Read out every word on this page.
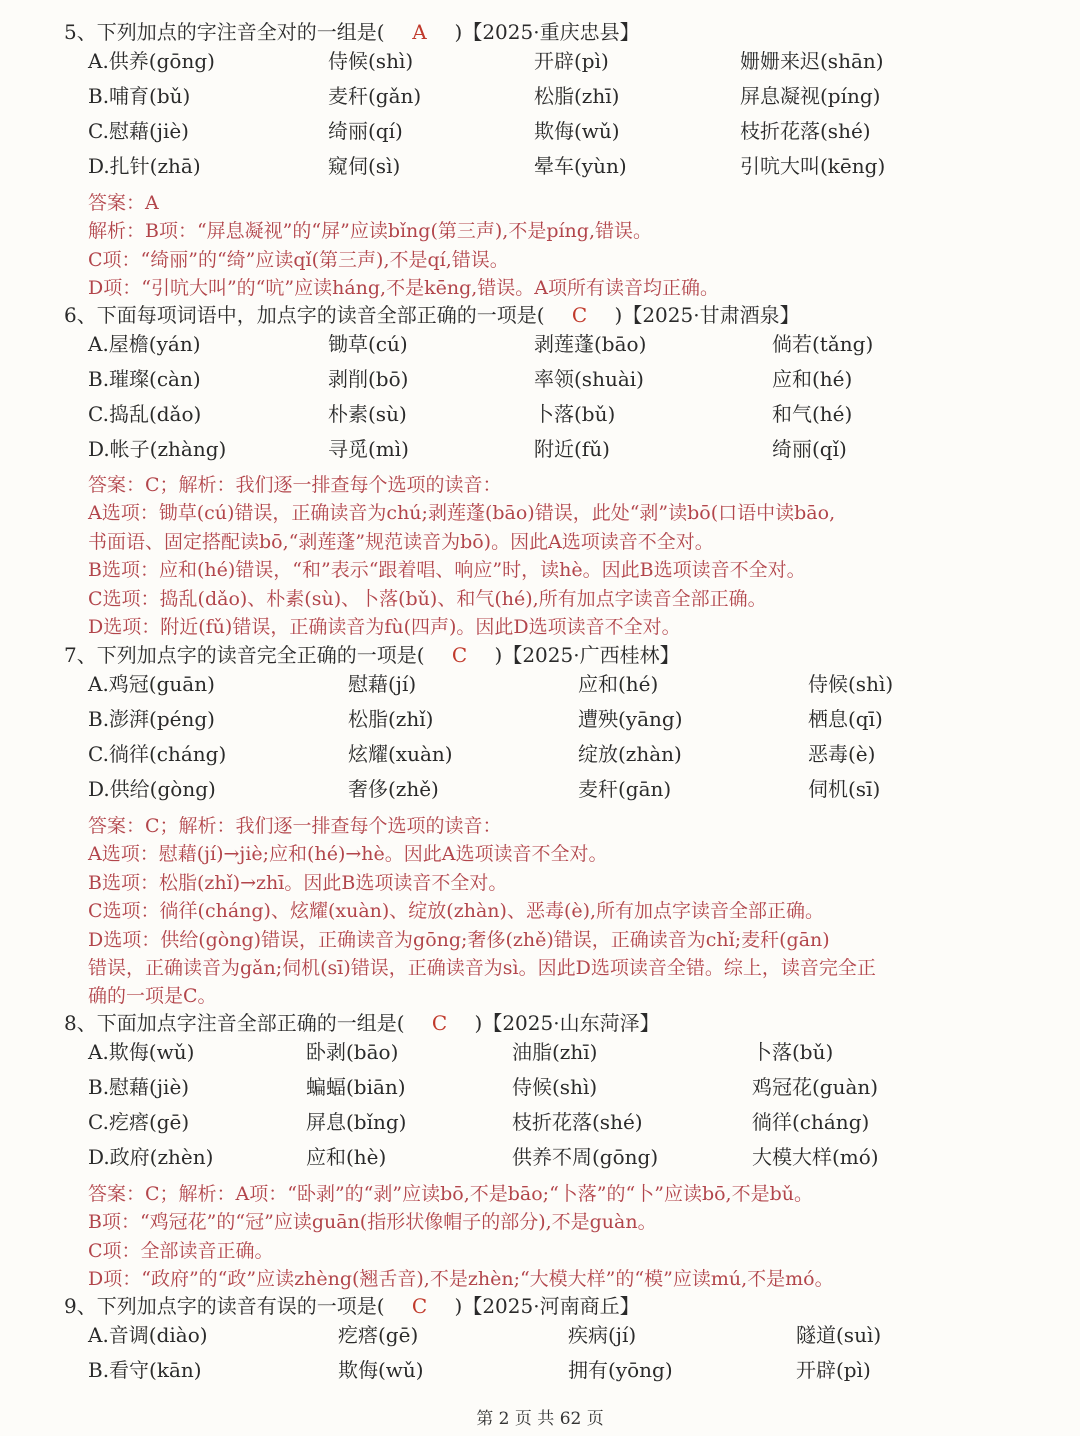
第 2 页 共 62 页
5、下列加点的字注音全对的一组是( A )【2025·重庆忠县】
A.供养(gōng)	侍候(shì)	开辟(pì)	姗姗来迟(shān)
B.哺育(bǔ)	麦秆(gǎn)	松脂(zhī)	屏息凝视(píng)
C.慰藉(jiè)	绮丽(qí)	欺侮(wǔ)	枝折花落(shé)
D.扎针(zhā)	窥伺(sì)	晕车(yùn)	引吭大叫(kēng)
答案：A
解析：B项：“屏息凝视”的“屏”应读bǐng(第三声),不是píng,错误。
C项：“绮丽”的“绮”应读qǐ(第三声),不是qí,错误。
D项：“引吭大叫”的“吭”应读háng,不是kēng,错误。A项所有读音均正确。
6、下面每项词语中，加点字的读音全部正确的一项是( C )【2025·甘肃酒泉】
A.屋檐(yán)	锄草(cú)	剥莲蓬(bāo)	倘若(tǎng)
B.璀璨(càn)	剥削(bō)	率领(shuài)	应和(hé)
C.捣乱(dǎo)	朴素(sù)	卜落(bǔ)	和气(hé)
D.帐子(zhàng)	寻觅(mì)	附近(fǔ)	绮丽(qǐ)
答案：C；解析：我们逐一排查每个选项的读音：
A选项：锄草(cú)错误，正确读音为chú;剥莲蓬(bāo)错误，此处“剥”读bō(口语中读bāo,
书面语、固定搭配读bō,“剥莲蓬”规范读音为bō)。因此A选项读音不全对。
B选项：应和(hé)错误，“和”表示“跟着唱、响应”时，读hè。因此B选项读音不全对。
C选项：捣乱(dǎo)、朴素(sù)、卜落(bǔ)、和气(hé),所有加点字读音全部正确。
D选项：附近(fǔ)错误，正确读音为fù(四声)。因此D选项读音不全对。
7、下列加点字的读音完全正确的一项是( C )【2025·广西桂林】
A.鸡冠(guān)	慰藉(jí)	应和(hé)	侍候(shì)
B.澎湃(péng)	松脂(zhǐ)	遭殃(yāng)	栖息(qī)
C.徜徉(cháng)	炫耀(xuàn)	绽放(zhàn)	恶毒(è)
D.供给(gòng)	奢侈(zhě)	麦秆(gān)	伺机(sī)
答案：C；解析：我们逐一排查每个选项的读音：
A选项：慰藉(jí)→jiè;应和(hé)→hè。因此A选项读音不全对。
B选项：松脂(zhǐ)→zhī。因此B选项读音不全对。
C选项：徜徉(cháng)、炫耀(xuàn)、绽放(zhàn)、恶毒(è),所有加点字读音全部正确。
D选项：供给(gòng)错误，正确读音为gōng;奢侈(zhě)错误，正确读音为chǐ;麦秆(gān)
错误，正确读音为gǎn;伺机(sī)错误，正确读音为sì。因此D选项读音全错。综上，读音完全正
确的一项是C。
8、下面加点字注音全部正确的一组是( C )【2025·山东菏泽】
A.欺侮(wǔ)	卧剥(bāo)	油脂(zhī)	卜落(bǔ)
B.慰藉(jiè)	蝙蝠(biān)	侍候(shì)	鸡冠花(guàn)
C.疙瘩(gē)	屏息(bǐng)	枝折花落(shé)	徜徉(cháng)
D.政府(zhèn)	应和(hè)	供养不周(gōng)	大模大样(mó)
答案：C；解析：A项：“卧剥”的“剥”应读bō,不是bāo;“卜落”的“卜”应读bō,不是bǔ。
B项：“鸡冠花”的“冠”应读guān(指形状像帽子的部分),不是guàn。
C项：全部读音正确。
D项：“政府”的“政”应读zhèng(翘舌音),不是zhèn;“大模大样”的“模”应读mú,不是mó。
9、下列加点字的读音有误的一项是( C )【2025·河南商丘】
A.音调(diào)	疙瘩(gē)	疾病(jí)	隧道(suì)
B.看守(kān)	欺侮(wǔ)	拥有(yōng)	开辟(pì)
